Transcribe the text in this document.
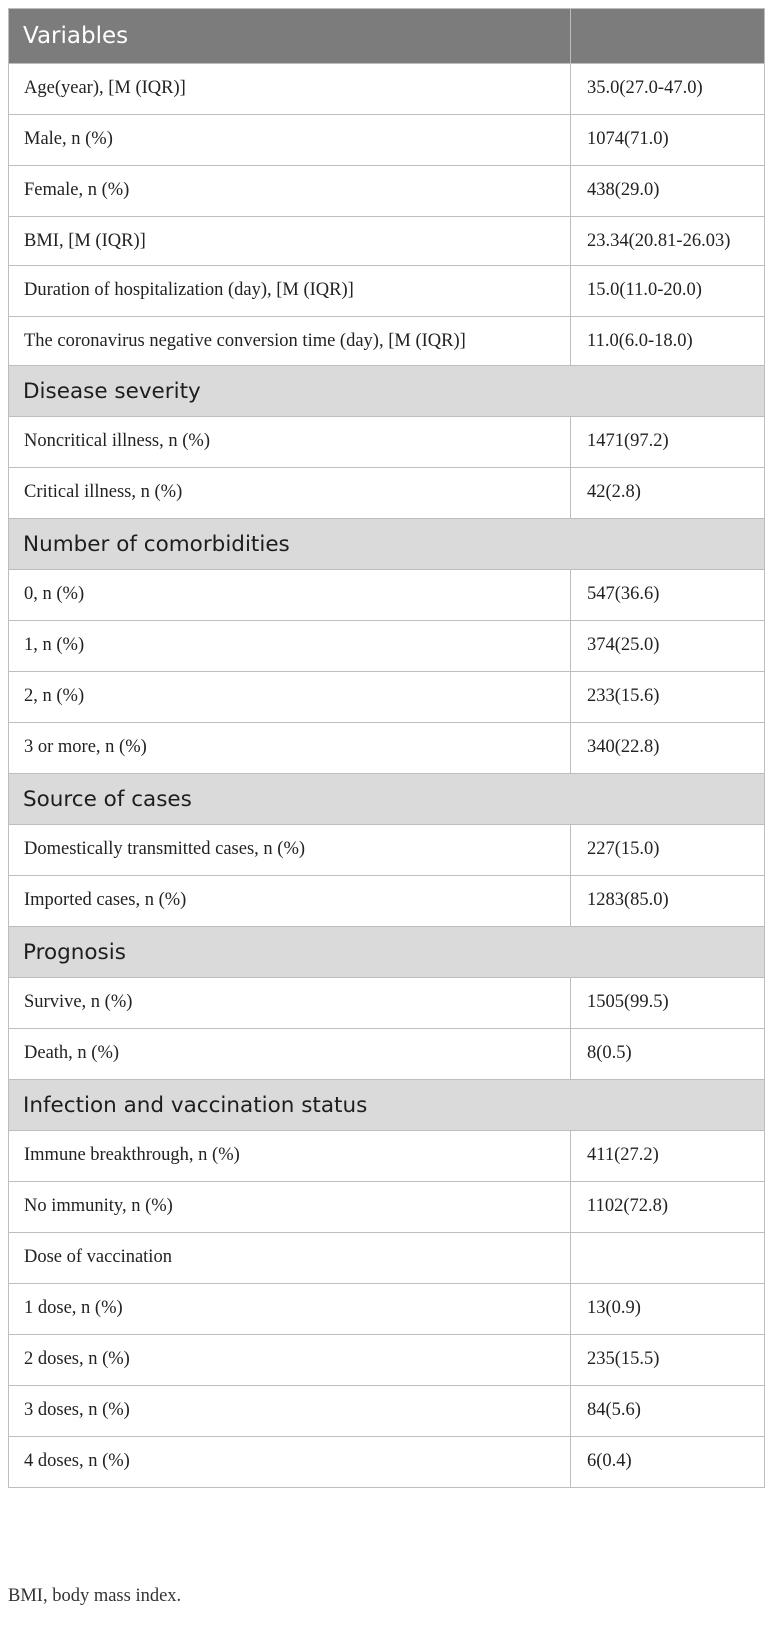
Variables	
Age(year), [M (IQR)]	35.0(27.0-47.0)
Male, n (%)	1074(71.0)
Female, n (%)	438(29.0)
BMI, [M (IQR)]	23.34(20.81-26.03)
Duration of hospitalization (day), [M (IQR)]	15.0(11.0-20.0)
The coronavirus negative conversion time (day), [M (IQR)]	11.0(6.0-18.0)
Disease severity	
Noncritical illness, n (%)	1471(97.2)
Critical illness, n (%)	42(2.8)
Number of comorbidities	
0, n (%)	547(36.6)
1, n (%)	374(25.0)
2, n (%)	233(15.6)
3 or more, n (%)	340(22.8)
Source of cases	
Domestically transmitted cases, n (%)	227(15.0)
Imported cases, n (%)	1283(85.0)
Prognosis	
Survive, n (%)	1505(99.5)
Death, n (%)	8(0.5)
Infection and vaccination status	
Immune breakthrough, n (%)	411(27.2)
No immunity, n (%)	1102(72.8)
Dose of vaccination	
1 dose, n (%)	13(0.9)
2 doses, n (%)	235(15.5)
3 doses, n (%)	84(5.6)
4 doses, n (%)	6(0.4)
BMI, body mass index.
